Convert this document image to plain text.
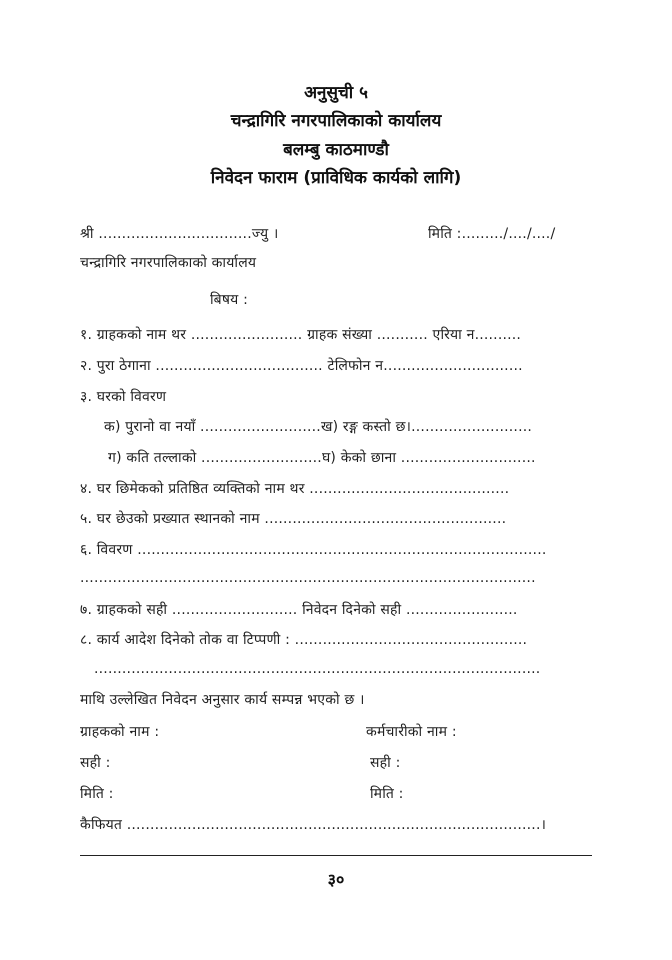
अनुसुची ५
चन्द्रागिरि नगरपालिकाको कार्यालय
बलम्बु काठमाण्डौ
निवेदन फाराम (प्राविधिक कार्यको लागि)
श्री .................................ज्यु ।	मिति :........./..../..../
चन्द्रागिरि नगरपालिकाको कार्यालय
बिषय :
१. ग्राहकको नाम थर ........................ ग्राहक संख्या ........... एरिया न..........
२. पुरा ठेगाना .................................... टेलिफोन न..............................
३. घरको विवरण
क) पुरानो वा नयाँ ..........................ख) रङ्ग कस्तो छ।..........................
ग) कति तल्लाको ..........................घ) केको छाना .............................
४. घर छिमेकको प्रतिष्ठित व्यक्तिको नाम थर ...........................................
५. घर छेउको प्रख्यात स्थानको नाम ....................................................
६. विवरण ........................................................................................
..................................................................................................
७. ग्राहकको सही ........................... निवेदन दिनेको सही ........................
८. कार्य आदेश दिनेको तोक वा टिप्पणी : ..................................................
................................................................................................
माथि उल्लेखित निवेदन अनुसार कार्य सम्पन्न भएको छ ।
ग्राहकको नाम :	कर्मचारीको नाम :
सही :	सही :
मिति :	मिति :
कैफियत .........................................................................................।
३०
